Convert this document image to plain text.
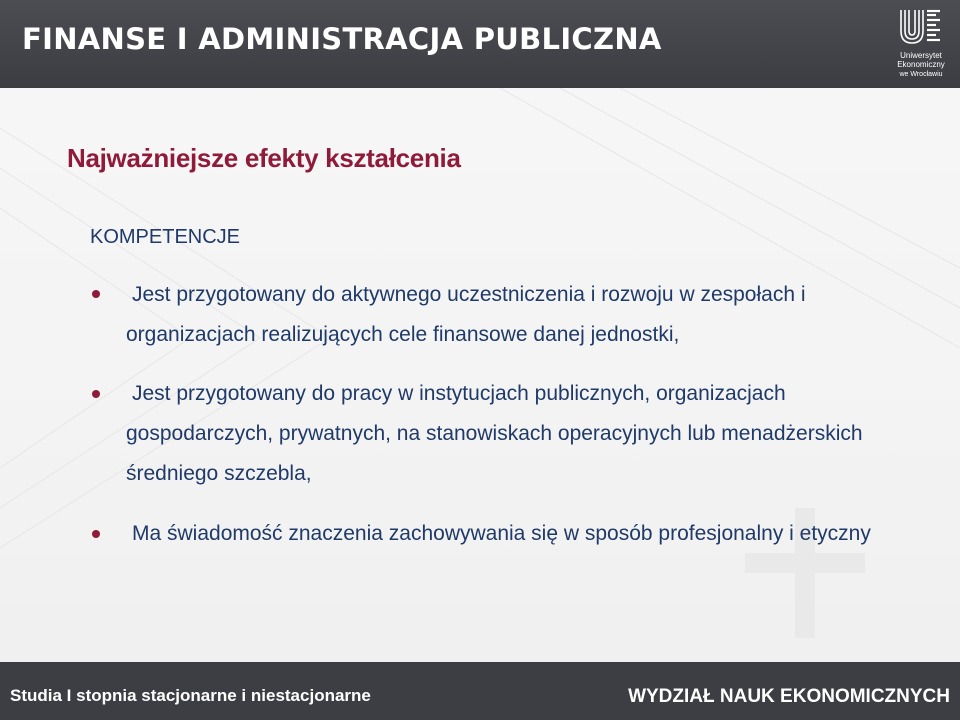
FINANSE I ADMINISTRACJA PUBLICZNA	Uniwersytet
Ekonomiczny
we Wrocławiu
Najważniejsze efekty kształcenia
KOMPETENCJE
Jest przygotowany do aktywnego uczestniczenia i rozwoju w zespołach i organizacjach realizujących cele finansowe danej jednostki,
Jest przygotowany do pracy w instytucjach publicznych, organizacjach gospodarczych, prywatnych, na stanowiskach operacyjnych lub menadżerskich średniego szczebla,
Ma świadomość znaczenia zachowywania się w sposób profesjonalny i etyczny
Studia I stopnia stacjonarne i niestacjonarne	WYDZIAŁ NAUK EKONOMICZNYCH
